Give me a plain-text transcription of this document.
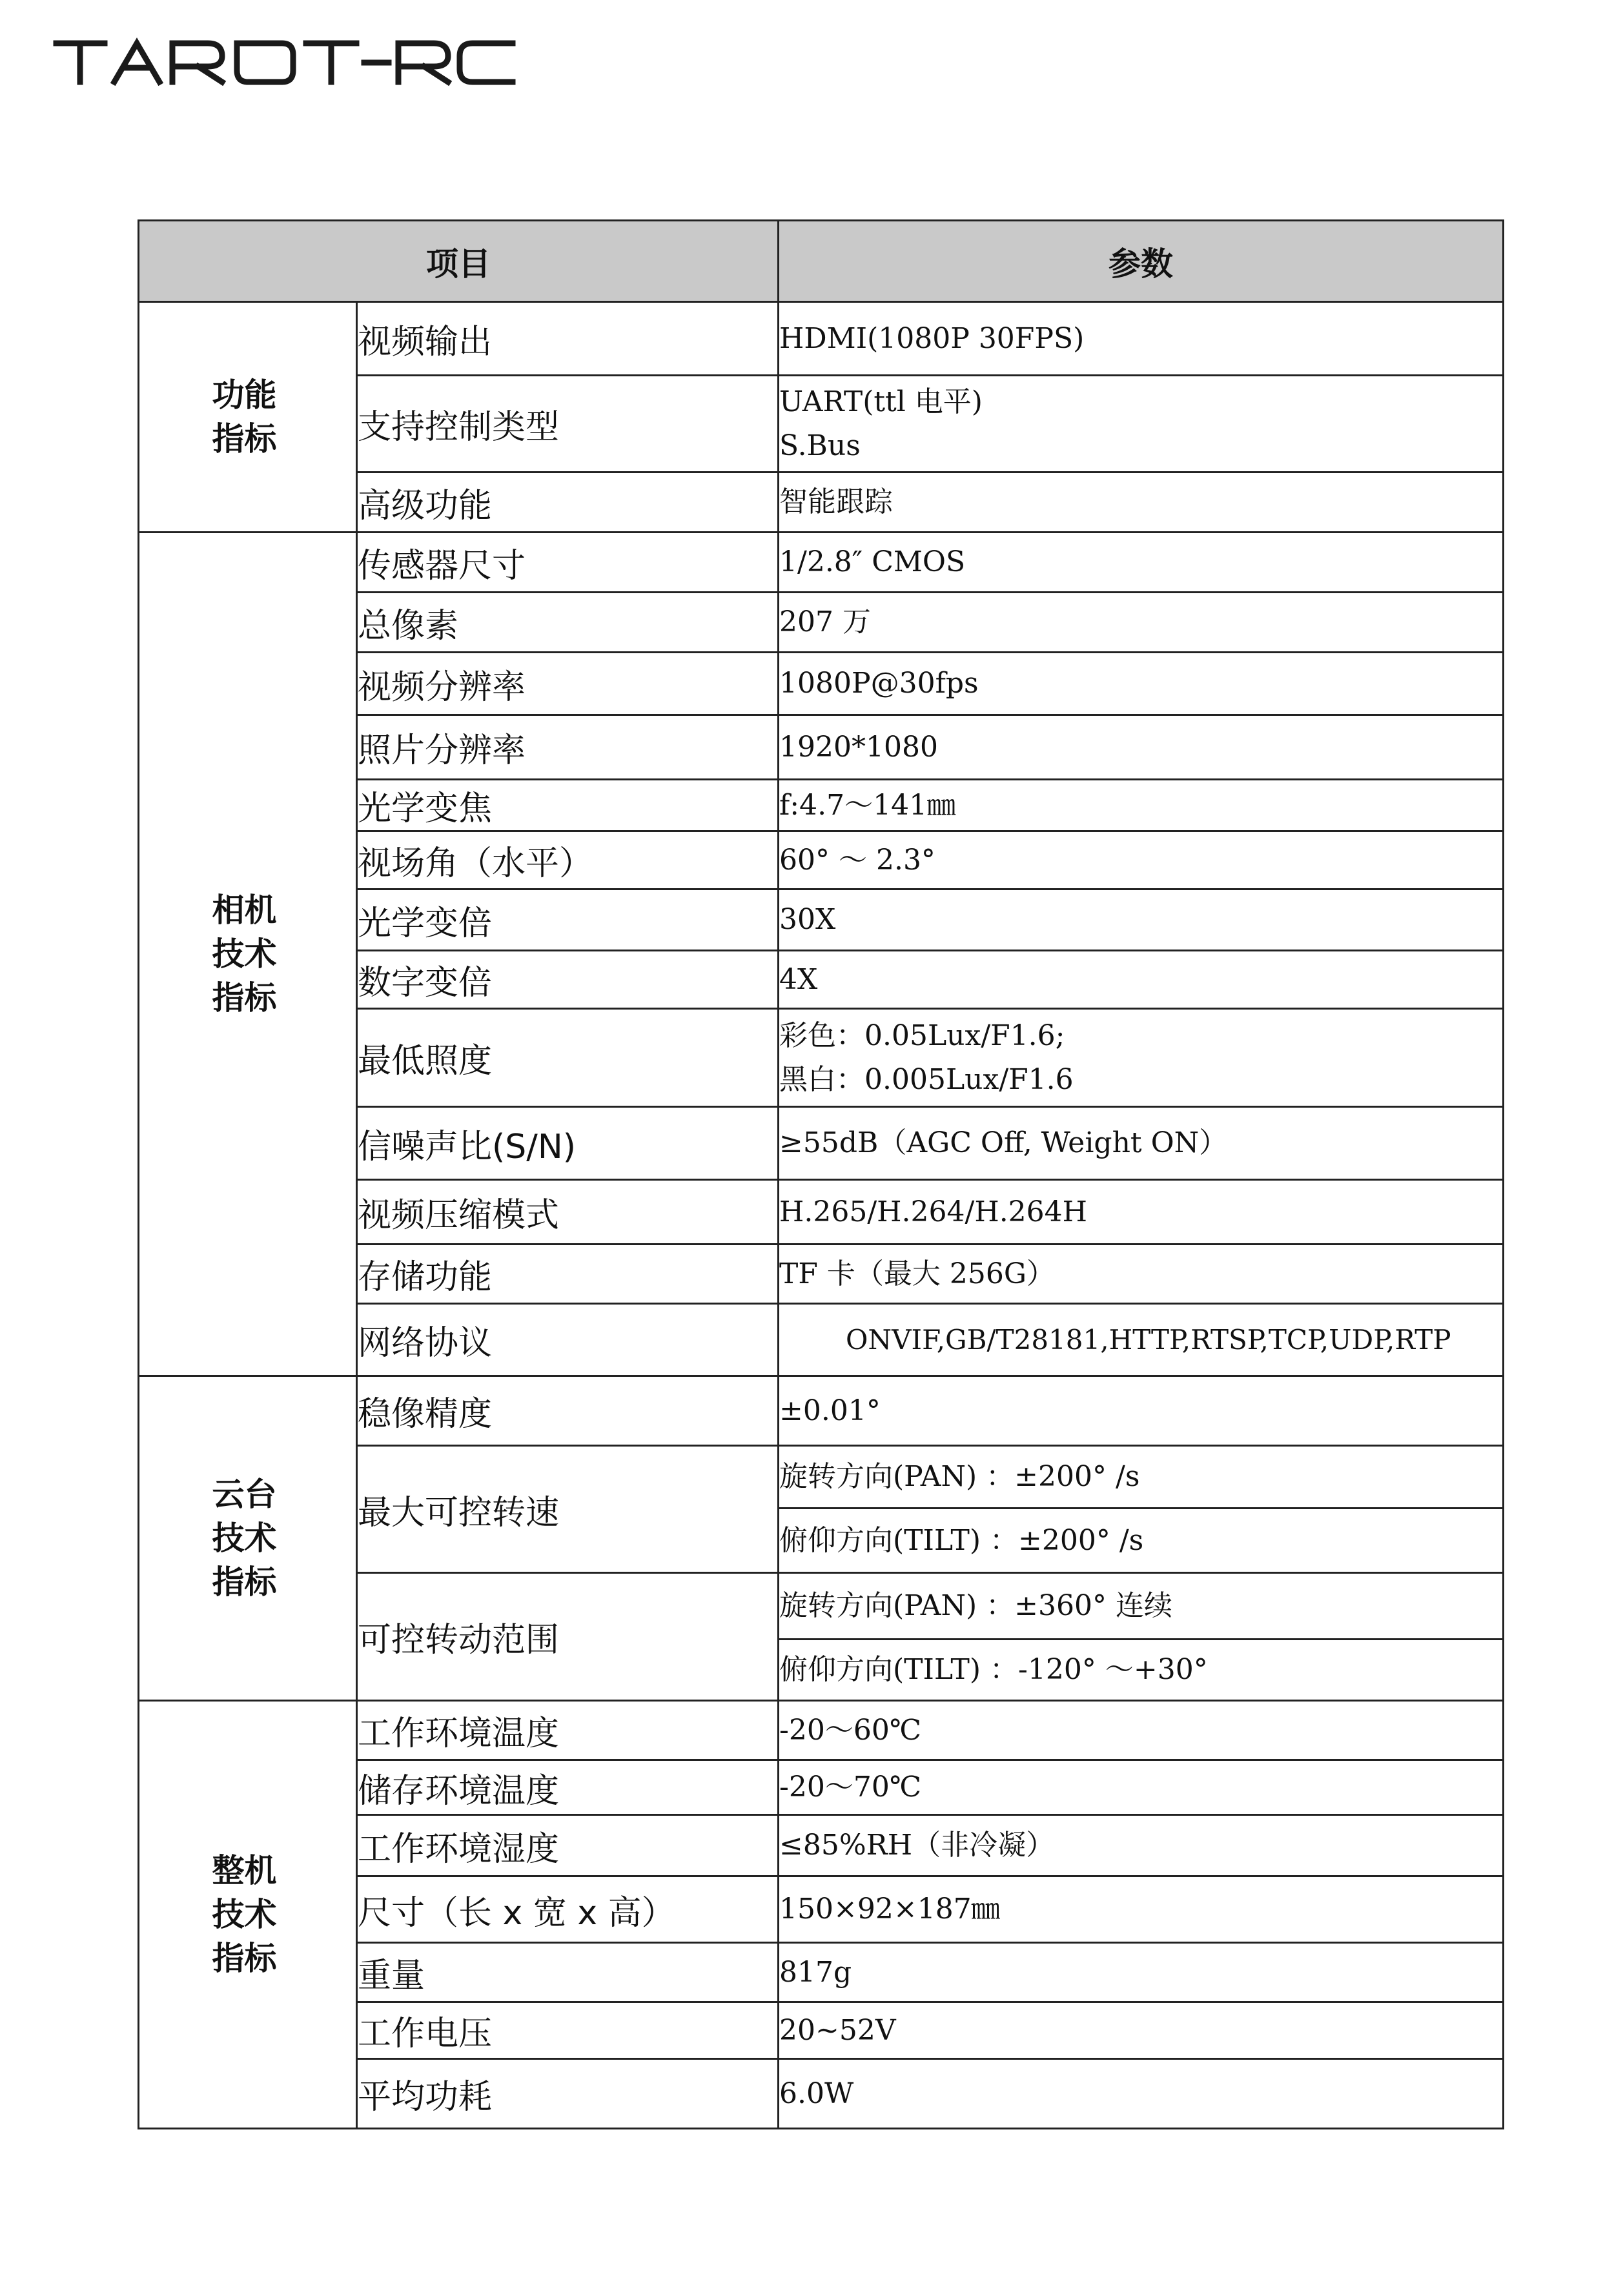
项目		参数
功能
指标	视频输出	HDMI(1080P 30FPS)
	支持控制类型	UART(ttl 电平)
S.Bus

	高级功能	智能跟踪
相机
技术
指标	传感器尺寸	1/2.8″ CMOS
	总像素	207 万
	视频分辨率	1080P@30fps
	照片分辨率	1920*1080
	光学变焦	f:4.7～141㎜
	视场角（水平）	60° ～ 2.3°
	光学变倍	30X
	数字变倍	4X
	最低照度	彩色：0.05Lux/F1.6;
黑白：0.005Lux/F1.6

	信噪声比(S/N)	≥55dB（AGC Off, Weight ON）
	视频压缩模式	H.265/H.264/H.264H
	存储功能	TF 卡（最大 256G）
	网络协议	ONVIF,GB/T28181,HTTP,RTSP,TCP,UDP,RTP
云台
技术
指标	稳像精度	±0.01°
	最大可控转速	旋转方向(PAN) ：±200° /s
		俯仰方向(TILT) ：±200° /s
	可控转动范围	旋转方向(PAN) ：±360° 连续
		俯仰方向(TILT) ：-120° ～+30°
整机
技术
指标	工作环境温度	-20～60℃
	储存环境温度	-20～70℃
	工作环境湿度	≤85%RH（非冷凝）
	尺寸（长 x 宽 x 高）	150×92×187㎜
	重量	817g
	工作电压	20~52V
	平均功耗	6.0W
